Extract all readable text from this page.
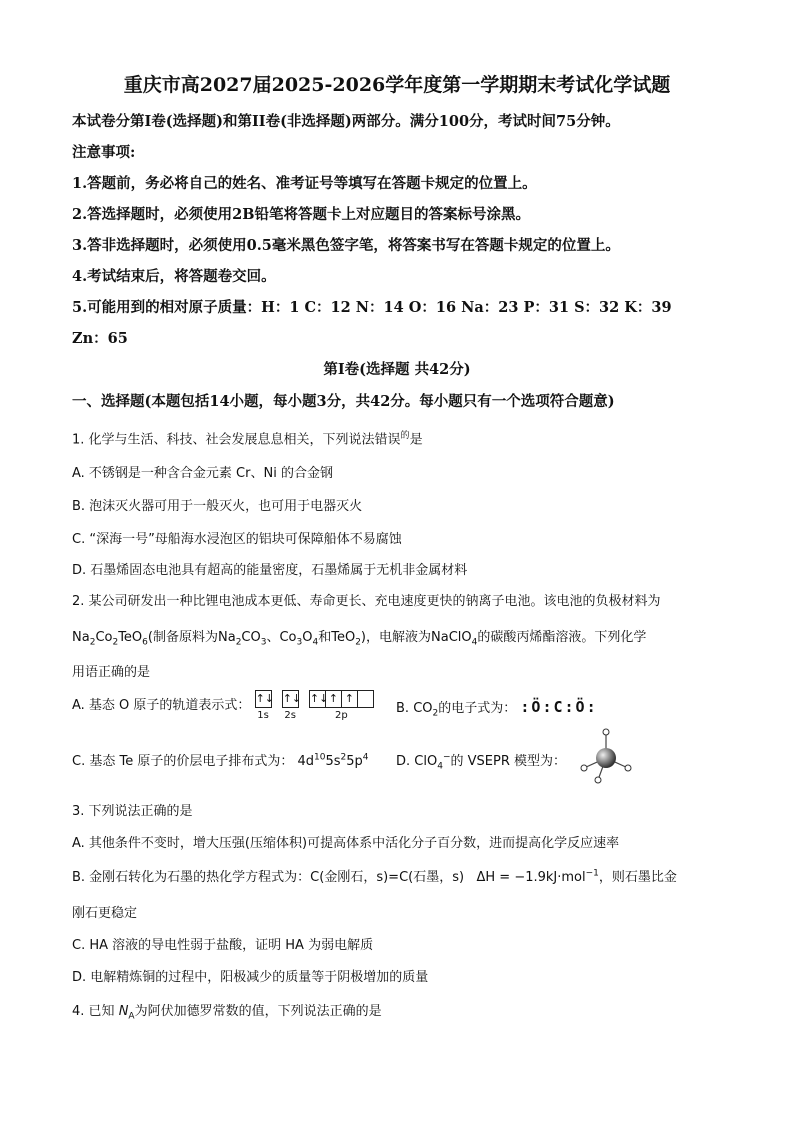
重庆市高2027届2025-2026学年度第一学期期末考试化学试题
本试卷分第I卷(选择题)和第II卷(非选择题)两部分。满分100分，考试时间75分钟。
注意事项:
1.答题前，务必将自己的姓名、准考证号等填写在答题卡规定的位置上。
2.答选择题时，必须使用2B铅笔将答题卡上对应题目的答案标号涂黑。
3.答非选择题时，必须使用0.5毫米黑色签字笔，将答案书写在答题卡规定的位置上。
4.考试结束后，将答题卷交回。
5.可能用到的相对原子质量：H：1 C：12 N：14 O：16 Na：23 P：31 S：32 K：39
Zn：65
第I卷(选择题 共42分)
一、选择题(本题包括14小题，每小题3分，共42分。每小题只有一个选项符合题意)
1. 化学与生活、科技、社会发展息息相关，下列说法错误$^的$是
A. 不锈钢是一种含合金元素 Cr、Ni 的合金钢
B. 泡沫灭火器可用于一般灭火，也可用于电器灭火
C. “深海一号”母船海水浸泡区的铝块可保障船体不易腐蚀
D. 石墨烯固态电池具有超高的能量密度，石墨烯属于无机非金属材料
2. 某公司研发出一种比锂电池成本更低、寿命更长、充电速度更快的钠离子电池。该电池的负极材料为
$Na_2Co_2TeO_6$(制备原料为$Na_2CO_3$、$Co_3O_4$和TeO$_2$)，电解液为NaClO$_4$的碳酸丙烯酯溶液。下列化学
用语正确的是
A. 基态 O 原子的轨道表示式： ↑↓
1s
↑↓
2s
↑↓↑ ↑
2p	B. $CO_2$的电子式为： :Ö:C:Ö:
C. 基态 Te 原子的价层电子排布式为： $4d^{10}5s^25p^4$ D. ClO$_4$−的 VSEPR 模型为：
3. 下列说法正确的是
A. 其他条件不变时，增大压强(压缩体积)可提高体系中活化分子百分数，进而提高化学反应速率
B. 金刚石转化为石墨的热化学方程式为：C(金刚石，s)=C(石墨，s)  ΔH = −1.9kJ·mol$^{-1}$，则石墨比金
刚石更稳定
C. HA 溶液的导电性弱于盐酸，证明 HA 为弱电解质
D. 电解精炼铜的过程中，阳极减少的质量等于阴极增加的质量
4. 已知 $N_A$为阿伏加德罗常数的值，下列说法正确的是
